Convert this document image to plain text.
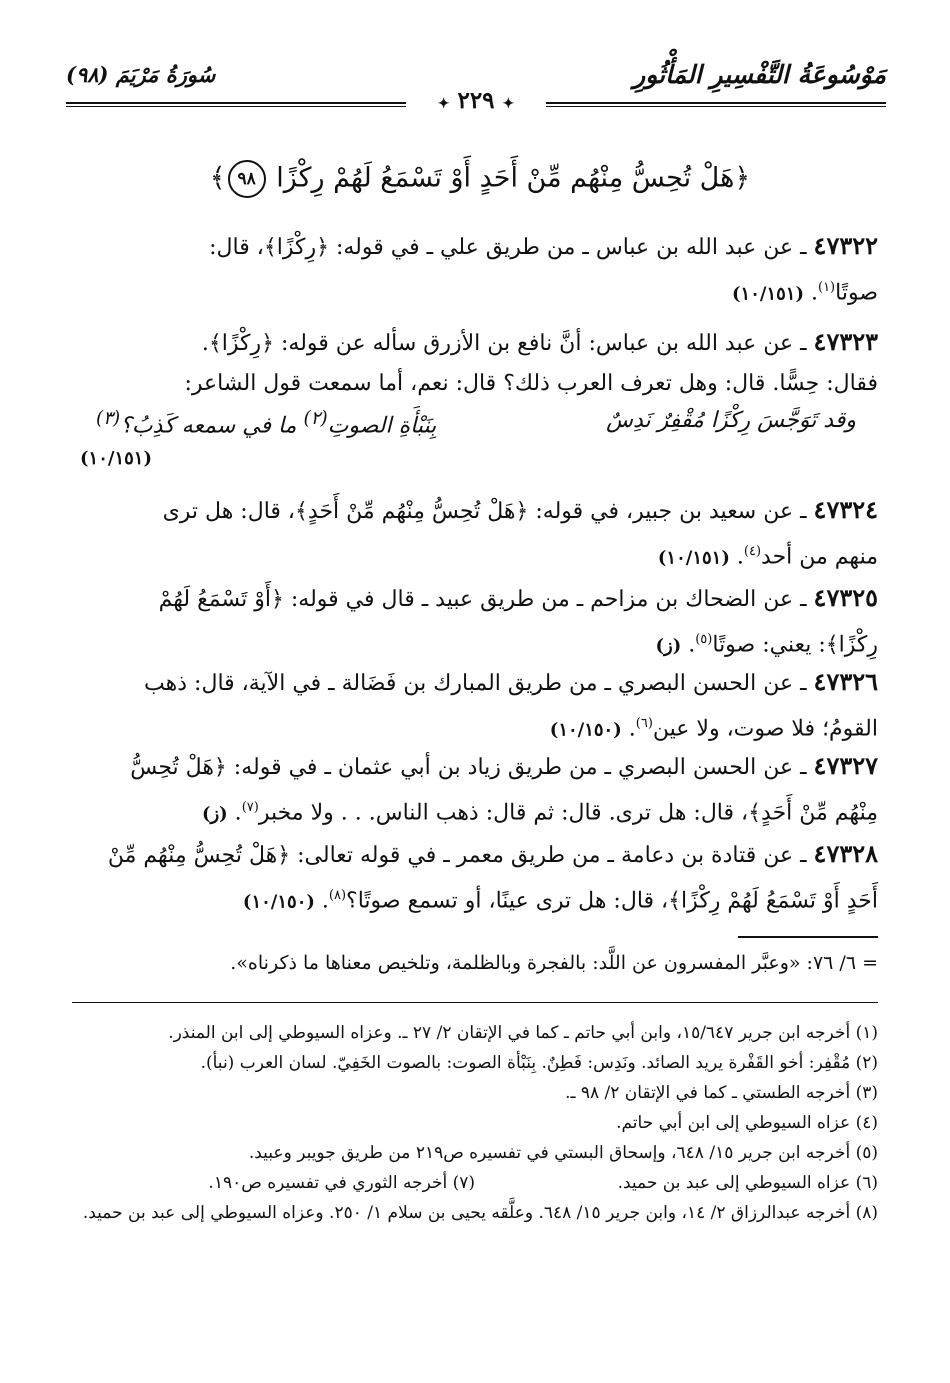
مَوْسُوعَةُ التَّفْسِيرِ المَأْثُورِ
سُورَةُ مَرْيَمَ (٩٨)
✦ ٢٢٩ ✦
﴿هَلْ تُحِسُّ مِنْهُم مِّنْ أَحَدٍ أَوْ تَسْمَعُ لَهُمْ رِكْزًا ٩٨﴾
٤٧٣٢٢ ـ عن عبد الله بن عباس ـ من طريق علي ـ في قوله: ﴿رِكْزًا﴾، قال:
صوتًا$^{(١)}$. (١٠/١٥١)
٤٧٣٢٣ ـ عن عبد الله بن عباس: أنَّ نافع بن الأزرق سأله عن قوله: ﴿رِكْزًا﴾.
فقال: حِسًّا. قال: وهل تعرف العرب ذلك؟ قال: نعم، أما سمعت قول الشاعر:
وقد تَوَجَّسَ رِكْزًا مُقْفِرٌ نَدِسٌ
بِنَبْأَةِ الصوتِ$^{(٢)}$ ما في سمعه كَذِبُ؟$^{(٣)}$
(١٠/١٥١)
٤٧٣٢٤ ـ عن سعيد بن جبير، في قوله: ﴿هَلْ تُحِسُّ مِنْهُم مِّنْ أَحَدٍ﴾، قال: هل ترى
منهم من أحد$^{(٤)}$. (١٠/١٥١)
٤٧٣٢٥ ـ عن الضحاك بن مزاحم ـ من طريق عبيد ـ قال في قوله: ﴿أَوْ تَسْمَعُ لَهُمْ
رِكْزًا﴾: يعني: صوتًا$^{(٥)}$. (ز)
٤٧٣٢٦ ـ عن الحسن البصري ـ من طريق المبارك بن فَضَالة ـ في الآية، قال: ذهب
القومُ؛ فلا صوت، ولا عين$^{(٦)}$. (١٠/١٥٠)
٤٧٣٢٧ ـ عن الحسن البصري ـ من طريق زياد بن أبي عثمان ـ في قوله: ﴿هَلْ تُحِسُّ
مِنْهُم مِّنْ أَحَدٍ﴾، قال: هل ترى. قال: ثم قال: ذهب الناس. . . ولا مخبر$^{(٧)}$. (ز)
٤٧٣٢٨ ـ عن قتادة بن دعامة ـ من طريق معمر ـ في قوله تعالى: ﴿هَلْ تُحِسُّ مِنْهُم مِّنْ
أَحَدٍ أَوْ تَسْمَعُ لَهُمْ رِكْزًا﴾، قال: هل ترى عينًا، أو تسمع صوتًا؟$^{(٨)}$. (١٠/١٥٠)
= ٦/ ٧٦: «وعبَّر المفسرون عن اللَّد: بالفجرة وبالظلمة، وتلخيص معناها ما ذكرناه».

(١) أخرجه ابن جرير ١٥/٦٤٧، وابن أبي حاتم ـ كما في الإتقان ٢/ ٢٧ ـ. وعزاه السيوطي إلى ابن المنذر.

(٢) مُقْفِر: أخو القَفْرة يريد الصائد. ونَدِس: فَطِنٌ. بِنَبْأة الصوت: بالصوت الخَفِيّ. لسان العرب (نبأ).

(٣) أخرجه الطستي ـ كما في الإتقان ٢/ ٩٨ ـ.

(٤) عزاه السيوطي إلى ابن أبي حاتم.

(٥) أخرجه ابن جرير ١٥/ ٦٤٨، وإسحاق البستي في تفسيره ص٢١٩ من طريق جويبر وعبيد.

(٦) عزاه السيوطي إلى عبد بن حميد.

(٧) أخرجه الثوري في تفسيره ص١٩٠.

(٨) أخرجه عبدالرزاق ٢/ ١٤، وابن جرير ١٥/ ٦٤٨. وعلَّقه يحيى بن سلام ١/ ٢٥٠. وعزاه السيوطي إلى عبد بن حميد.
